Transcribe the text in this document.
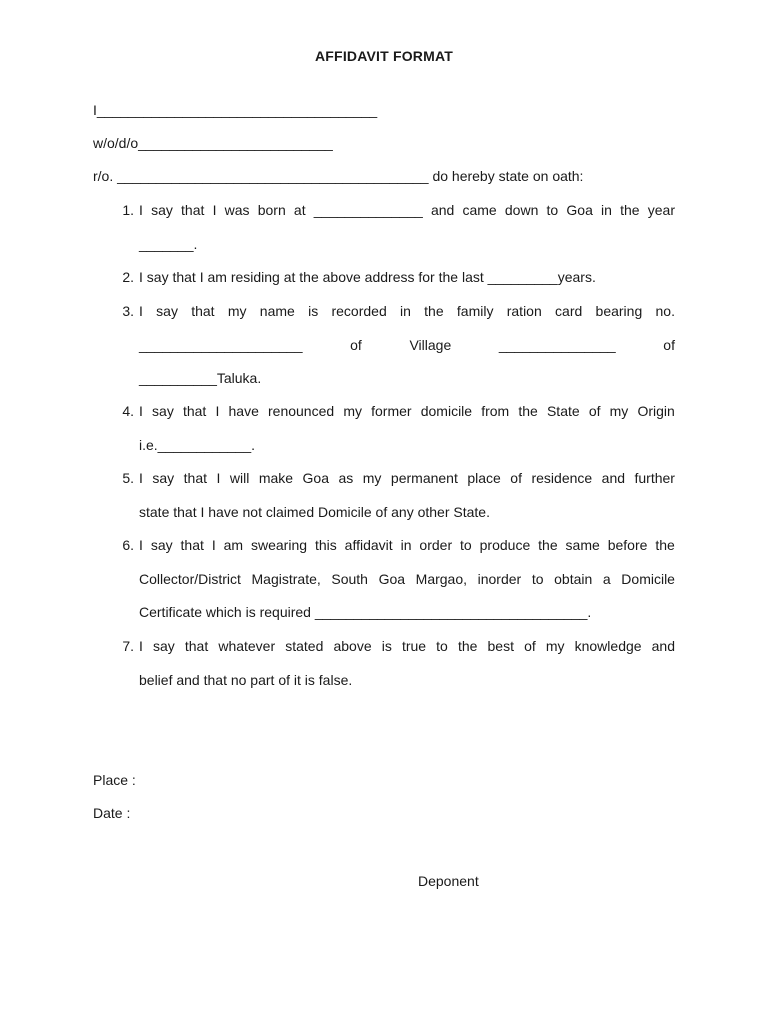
AFFIDAVIT FORMAT
I____________________________________
w/o/d/o_________________________
r/o. ________________________________________ do hereby state on oath:
1. I say that I was born at ______________ and came down to Goa in the year
_______.
2. I say that I am residing at the above address for the last _________years.
3. I say that my name is recorded in the family ration card bearing no.
_____________________	of	Village	_______________	of
__________Taluka.
4. I say that I have renounced my former domicile from the State of my Origin
i.e.____________.
5. I say that I will make Goa as my permanent place of residence and further
state that I have not claimed Domicile of any other State.
6. I say that I am swearing this affidavit in order to produce the same before the
Collector/District Magistrate, South Goa Margao, inorder to obtain a Domicile
Certificate which is required ___________________________________.
7. I say that whatever stated above is true to the best of my knowledge and
belief and that no part of it is false.
Place :
Date :
Deponent
